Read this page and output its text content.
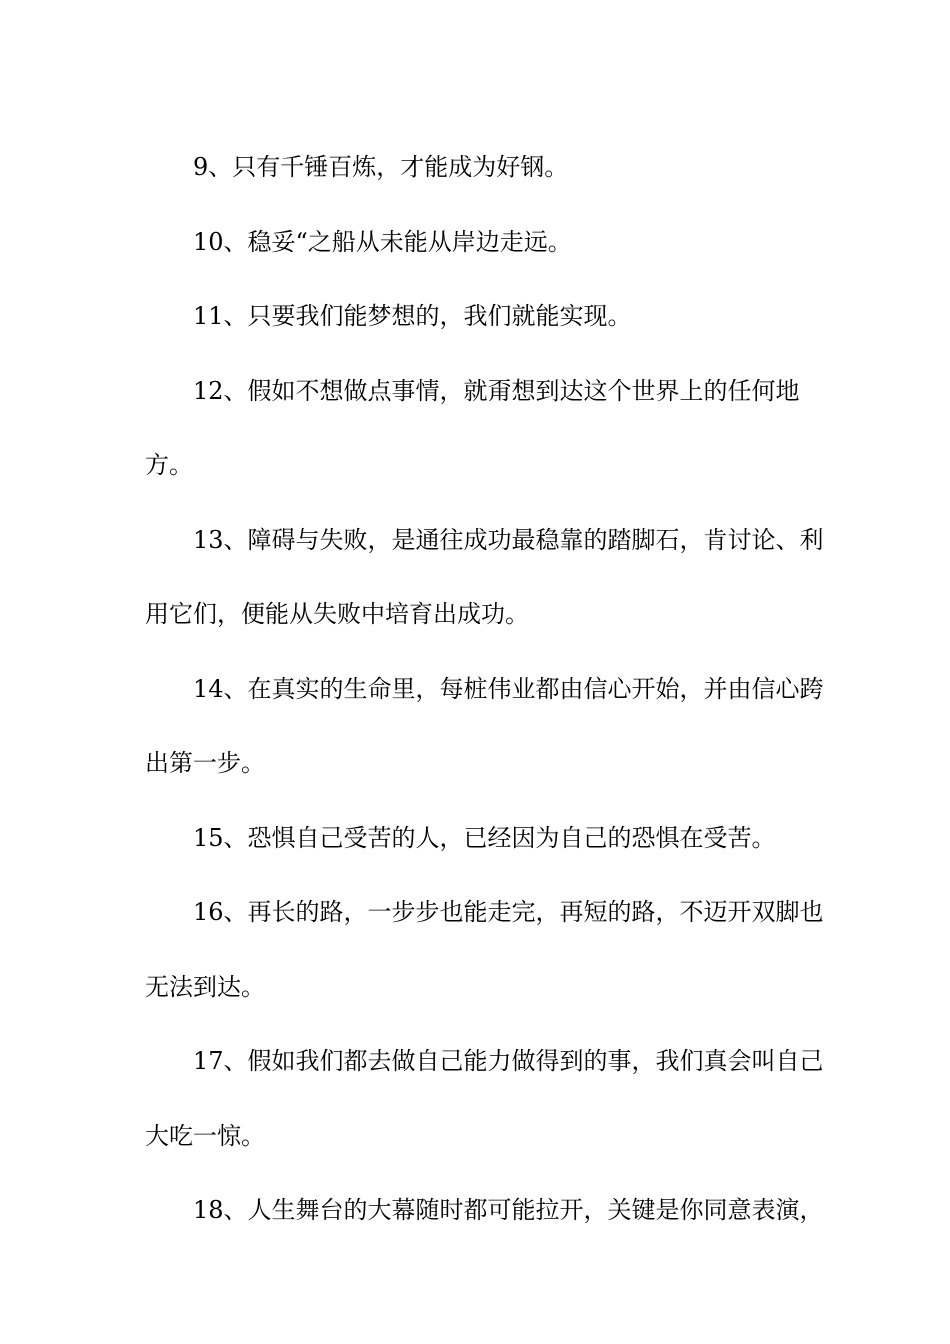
9、只有千锤百炼，才能成为好钢。

10、稳妥“之船从未能从岸边走远。

11、只要我们能梦想的，我们就能实现。

12、假如不想做点事情，就甭想到达这个世界上的任何地方。

13、障碍与失败，是通往成功最稳靠的踏脚石，肯讨论、利用它们，便能从失败中培育出成功。

14、在真实的生命里，每桩伟业都由信心开始，并由信心跨出第一步。

15、恐惧自己受苦的人，已经因为自己的恐惧在受苦。

16、再长的路，一步步也能走完，再短的路，不迈开双脚也无法到达。

17、假如我们都去做自己能力做得到的事，我们真会叫自己大吃一惊。

18、人生舞台的大幕随时都可能拉开，关键是你同意表演，
